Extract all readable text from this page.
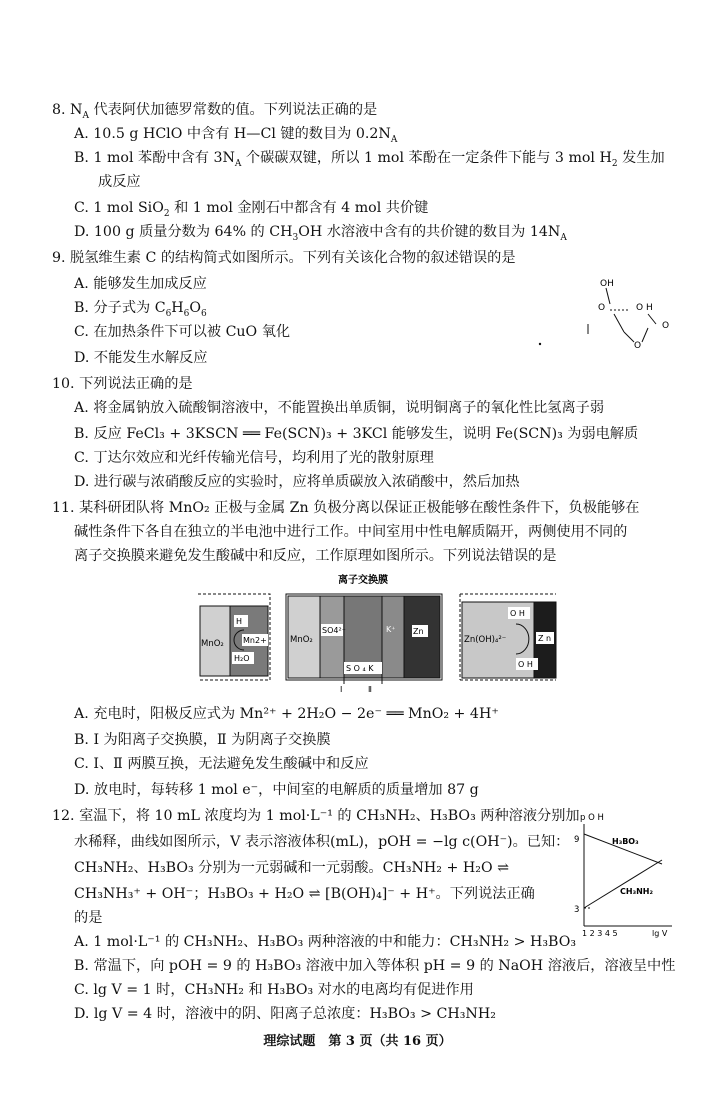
8. $N_A$ 代表阿伏加德罗常数的值。下列说法正确的是
A. 10.5 g HClO 中含有 H—Cl 键的数目为 $0.2N_A$
B. 1 mol 苯酚中含有 $3N_A$ 个碳碳双键，所以 1 mol 苯酚在一定条件下能与 3 mol $H_2$ 发生加
成反应
C. 1 mol SiO$_2$ 和 1 mol 金刚石中都含有 4 mol 共价键
D. 100 g 质量分数为 64% 的 $CH_3OH$ 水溶液中含有的共价键的数目为 $14N_A$
9. 脱氢维生素 C 的结构简式如图所示。下列有关该化合物的叙述错误的是
A. 能够发生加成反应
B. 分子式为 $C_6H_6O_6$
C. 在加热条件下可以被 CuO 氧化
D. 不能发生水解反应
OH
O	O H
O
O
10. 下列说法正确的是
A. 将金属钠放入硫酸铜溶液中，不能置换出单质铜，说明铜离子的氧化性比氢离子弱
B. 反应 FeCl₃ + 3KSCN ══ Fe(SCN)₃ + 3KCl 能够发生，说明 Fe(SCN)₃ 为弱电解质
C. 丁达尔效应和光纤传输光信号，均利用了光的散射原理
D. 进行碳与浓硝酸反应的实验时，应将单质碳放入浓硝酸中，然后加热
11. 某科研团队将 MnO₂ 正极与金属 Zn 负极分离以保证正极能够在酸性条件下，负极能够在
碱性条件下各自在独立的半电池中进行工作。中间室用中性电解质隔开，两侧使用不同的
离子交换膜来避免发生酸碱中和反应，工作原理如图所示。下列说法错误的是
离子交换膜
MnO₂
H
Mn2+
H₂O
MnO₂
SO4²⁻	K⁺ Zn
S O ₄ K
Ⅰ	Ⅱ
O H
Zn(OH)₄²⁻
O H
Z n
A. 充电时，阳极反应式为 Mn²⁺ + 2H₂O − 2e⁻ ══ MnO₂ + 4H⁺
B. Ⅰ 为阳离子交换膜，Ⅱ 为阴离子交换膜
C. Ⅰ、Ⅱ 两膜互换，无法避免发生酸碱中和反应
D. 放电时，每转移 1 mol e⁻，中间室的电解质的质量增加 87 g
12. 室温下，将 10 mL 浓度均为 1 mol·L⁻¹ 的 CH₃NH₂、H₃BO₃ 两种溶液分别加
水稀释，曲线如图所示，V 表示溶液体积(mL)，pOH = −lg c(OH⁻)。已知：
CH₃NH₂、H₃BO₃ 分别为一元弱碱和一元弱酸。CH₃NH₂ + H₂O ⇌
CH₃NH₃⁺ + OH⁻；H₃BO₃ + H₂O ⇌ [B(OH)₄]⁻ + H⁺。下列说法正确
的是
A. 1 mol·L⁻¹ 的 CH₃NH₂、H₃BO₃ 两种溶液的中和能力：CH₃NH₂ > H₃BO₃
B. 常温下，向 pOH = 9 的 H₃BO₃ 溶液中加入等体积 pH = 9 的 NaOH 溶液后，溶液呈中性
C. lg V = 1 时，CH₃NH₂ 和 H₃BO₃ 对水的电离均有促进作用
D. lg V = 4 时，溶液中的阴、阳离子总浓度：H₃BO₃ > CH₃NH₂
p O H
9
3
H₃BO₃
CH₃NH₂
1 2 3 4 5	lg V
理综试题　第 3 页（共 16 页）
